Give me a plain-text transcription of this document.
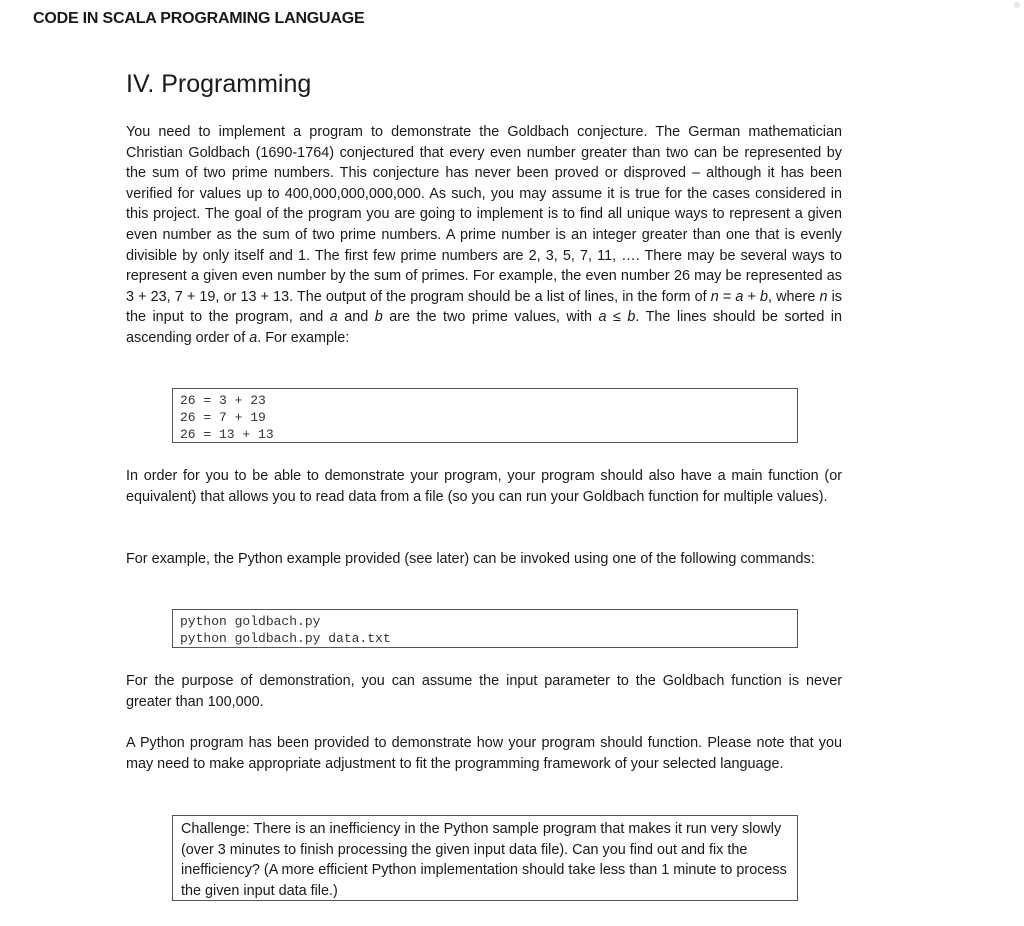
CODE IN SCALA PROGRAMING LANGUAGE
IV. Programming
You need to implement a program to demonstrate the Goldbach conjecture. The German mathematician Christian Goldbach (1690-1764) conjectured that every even number greater than two can be represented by the sum of two prime numbers. This conjecture has never been proved or disproved – although it has been verified for values up to 400,000,000,000,000. As such, you may assume it is true for the cases considered in this project. The goal of the program you are going to implement is to find all unique ways to represent a given even number as the sum of two prime numbers. A prime number is an integer greater than one that is evenly divisible by only itself and 1. The first few prime numbers are 2, 3, 5, 7, 11, …. There may be several ways to represent a given even number by the sum of primes. For example, the even number 26 may be represented as 3 + 23, 7 + 19, or 13 + 13. The output of the program should be a list of lines, in the form of n = a + b, where n is the input to the program, and a and b are the two prime values, with a ≤ b. The lines should be sorted in ascending order of a. For example:
26 = 3 + 23
26 = 7 + 19
26 = 13 + 13
In order for you to be able to demonstrate your program, your program should also have a main function (or equivalent) that allows you to read data from a file (so you can run your Goldbach function for multiple values).
For example, the Python example provided (see later) can be invoked using one of the following commands:
python goldbach.py
python goldbach.py data.txt
For the purpose of demonstration, you can assume the input parameter to the Goldbach function is never greater than 100,000.
A Python program has been provided to demonstrate how your program should function. Please note that you may need to make appropriate adjustment to fit the programming framework of your selected language.
Challenge: There is an inefficiency in the Python sample program that makes it run very slowly (over 3 minutes to finish processing the given input data file). Can you find out and fix the inefficiency? (A more efficient Python implementation should take less than 1 minute to process the given input data file.)
